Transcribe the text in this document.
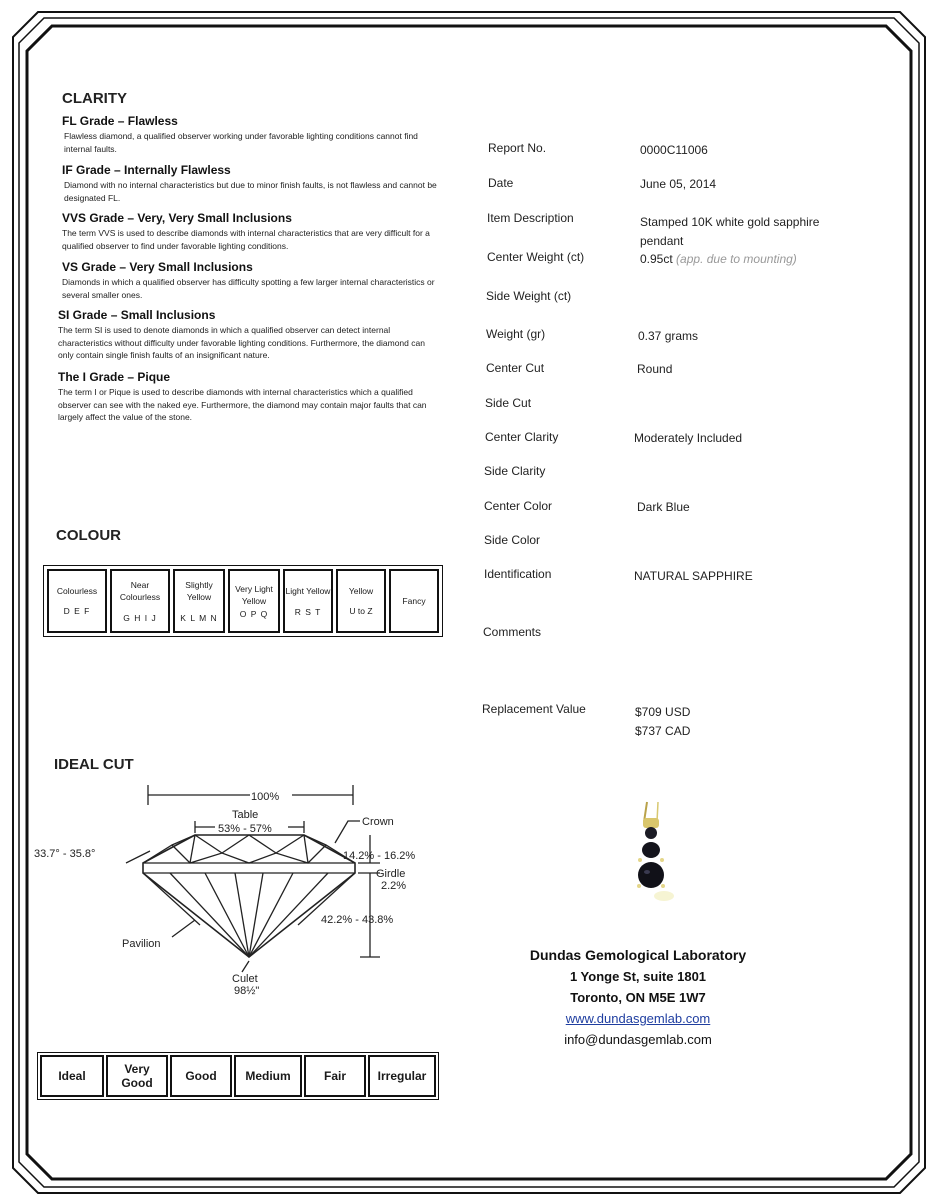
CLARITY
FL Grade – Flawless
Flawless diamond, a qualified observer working under favorable lighting conditions cannot find internal faults.
IF Grade – Internally Flawless
Diamond with no internal characteristics but due to minor finish faults, is not flawless and cannot be designated FL.
VVS Grade – Very, Very Small Inclusions
The term VVS is used to describe diamonds with internal characteristics that are very difficult for a qualified observer to find under favorable lighting conditions.
VS Grade – Very Small Inclusions
Diamonds in which a qualified observer has difficulty spotting a few larger internal characteristics or several smaller ones.
SI Grade – Small Inclusions
The term SI is used to denote diamonds in which a qualified observer can detect internal characteristics without difficulty under favorable lighting conditions. Furthermore, the diamond can only contain single finish faults of an insignificant nature.
The I Grade – Pique
The term I or Pique is used to describe diamonds with internal characteristics which a qualified observer can see with the naked eye. Furthermore, the diamond may contain major faults that can largely affect the value of the stone.
COLOUR
Colourless
D E F

Near Colourless
G H I J

Slightly Yellow
K L M N

Very Light Yellow
O P Q

Light Yellow
R S T

Yellow
U to Z

Fancy
IDEAL CUT
100%
Table
53% - 57%
Crown
33.7° - 35.8°	14.2% - 16.2%
Girdle
2.2%
42.2% - 43.8%
Pavilion
Culet
98½"
Ideal	Very Good	Good	Medium	Fair	Irregular
Report No.	0000C11006
Date	June 05, 2014
Item Description	Stamped 10K white gold sapphire pendant
Center Weight (ct)	0.95ct (app. due to mounting)
Side Weight (ct)
Weight (gr)	0.37 grams
Center Cut	Round
Side Cut
Center Clarity	Moderately Included
Side Clarity
Center Color	Dark Blue
Side Color
Identification	NATURAL SAPPHIRE
Comments
Replacement Value	$709 USD
$737 CAD
Dundas Gemological Laboratory
1 Yonge St, suite 1801
Toronto, ON M5E 1W7
www.dundasgemlab.com
info@dundasgemlab.com
